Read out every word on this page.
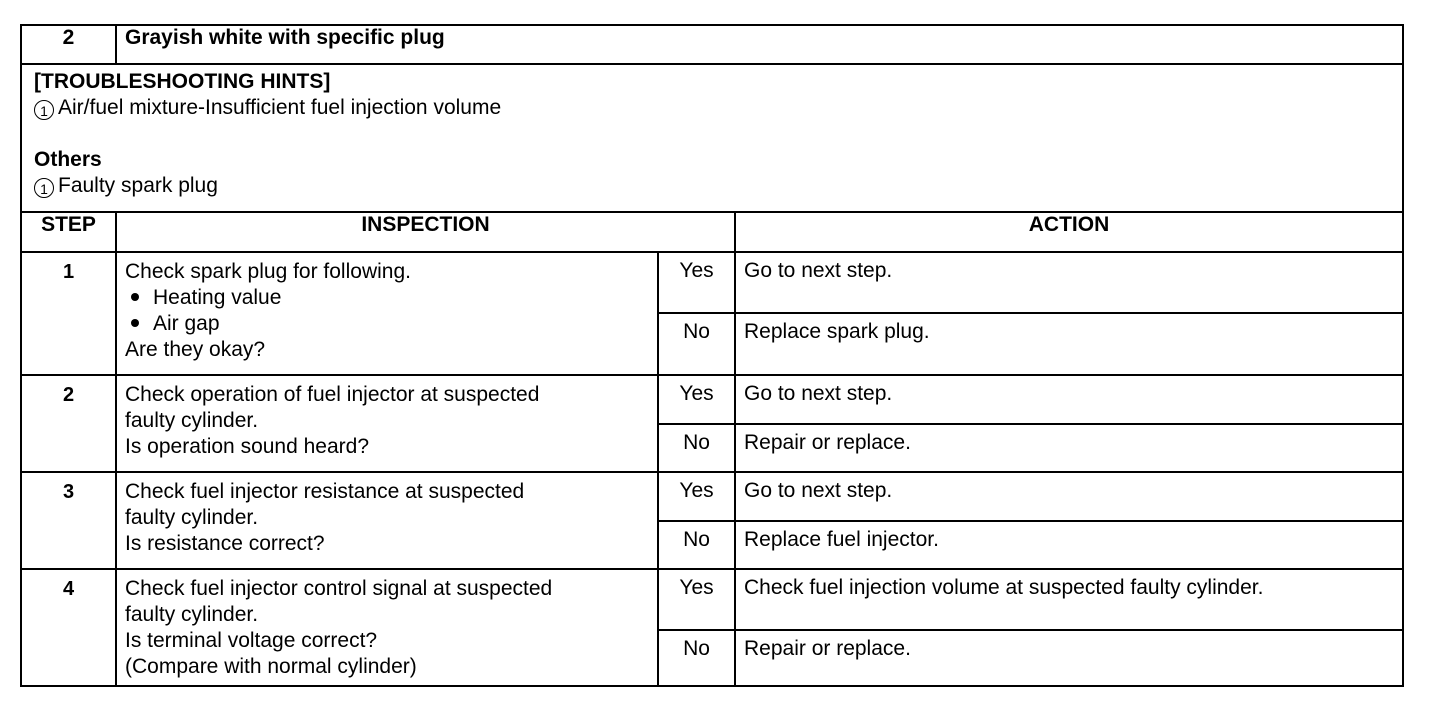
2	Grayish white with specific plug		

[TROUBLESHOOTING HINTS]
1 Air/fuel mixture-Insufficient fuel injection volume
Others
1 Faulty spark plug			

STEP	INSPECTION		ACTION
1	Check spark plug for following.
Heating value
Air gap
Are they okay?	Yes	Go to next step.
		No	Replace spark plug.
2	Check operation of fuel injector at suspected
faulty cylinder.
Is operation sound heard?	Yes	Go to next step.
		No	Repair or replace.
3	Check fuel injector resistance at suspected
faulty cylinder.
Is resistance correct?	Yes	Go to next step.
		No	Replace fuel injector.
4	Check fuel injector control signal at suspected
faulty cylinder.
Is terminal voltage correct?
(Compare with normal cylinder)	Yes	Check fuel injection volume at suspected faulty cylinder.
		No	Repair or replace.
